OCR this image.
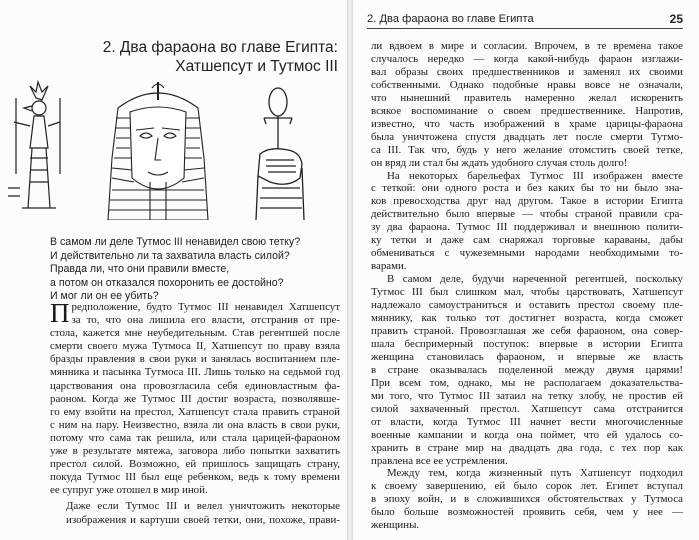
2. Два фараона во главе Египта:
Хатшепсут и Тутмос III
В самом ли деле Тутмос III ненавидел свою тетку?
И действительно ли та захватила власть силой?
Правда ли, что они правили вместе,
а потом он отказался похоронить ее достойно?
И мог ли он ее убить?

П редположение, будто Тутмос III ненавидел Хатшепсут
за то, что она лишила его власти, отстранив от пре-
стола, кажется мне неубедительным. Став регентшей после
смерти своего мужа Тутмоса II, Хатшепсут по праву взяла
бразды правления в свои руки и занялась воспитанием пле-
мянника и пасынка Тутмоса III. Лишь только на седьмой год
царствования она провозгласила себя единовластным фа-
раоном. Когда же Тутмос III достиг возраста, позволявше-
го ему взойти на престол, Хатшепсут стала править страной
с ним на пару. Неизвестно, взяла ли она власть в свои руки,
потому что сама так решила, или стала царицей-фараоном
уже в результате мятежа, заговора либо попытки захватить
престол силой. Возможно, ей пришлось защищать страну,
покуда Тутмос III был еще ребенком, ведь к тому времени
ее супруг уже отошел в мир иной.

Даже если Тутмос III и велел уничтожить некоторые
изображения и картуши своей тетки, они, похоже, прави-

2. Два фараона во главе Египта	25

ли вдвоем в мире и согласии. Впрочем, в те времена такое
случалось нередко — когда какой-нибудь фараон изглажи-
вал образы своих предшественников и заменял их своими
собственными. Однако подобные нравы вовсе не означали,
что нынешний правитель намеренно желал искоренить
всякое воспоминание о своем предшественнике. Напротив,
известно, что часть изображений в храме царицы-фараона
была уничтожена спустя двадцать лет после смерти Тутмо-
са III. Так что, будь у него желание отомстить своей тетке,
он вряд ли стал бы ждать удобного случая столь долго!

На некоторых барельефах Тутмос III изображен вместе
с теткой: они одного роста и без каких бы то ни было зна-
ков превосходства друг над другом. Такое в истории Египта
действительно было впервые — чтобы страной правили сра-
зу два фараона. Тутмос III поддерживал и внешнюю полити-
ку тетки и даже сам снаряжал торговые караваны, дабы
обмениваться с чужеземными народами необходимыми то-
варами.

В самом деле, будучи нареченной регентшей, поскольку
Тутмос III был слишком мал, чтобы царствовать, Хатшепсут
надлежало самоустраниться и оставить престол своему пле-
мяннику, как только тот достигнет возраста, когда сможет
править страной. Провозглашая же себя фараоном, она совер-
шала беспримерный поступок: впервые в истории Египта
женщина становилась фараоном, и впервые же власть
в стране оказывалась поделенной между двумя царями!
При всем том, однако, мы не располагаем доказательства-
ми того, что Тутмос III затаил на тетку злобу, не простив ей
силой захваченный престол. Хатшепсут сама отстранится
от власти, когда Тутмос III начнет вести многочисленные
военные кампании и когда она поймет, что ей удалось со-
хранить в стране мир на двадцать два года, с тех пор как
правлена все ее устремления.

Между тем, когда жизненный путь Хатшепсут подходил
к своему завершению, ей было сорок лет. Египет вступал
в эпоху войн, и в сложившихся обстоятельствах у Тутмоса
было больше возможностей проявить себя, чем у нее —
женщины.
